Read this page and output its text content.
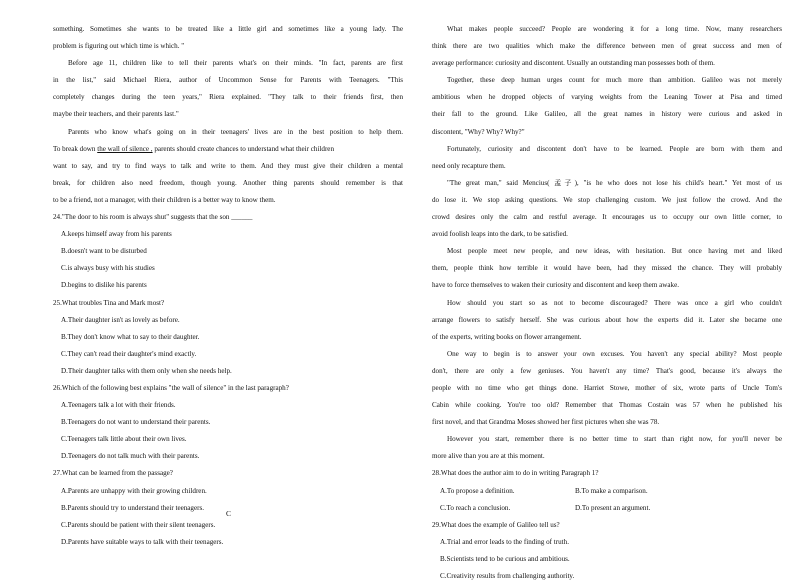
something. Sometimes she wants to be treated like a little girl and sometimes like a young lady. The
problem is figuring out which time is which. "
Before age 11, children like to tell their parents what's on their minds. "In fact, parents are first
in the list," said Michael Riera, author of Uncommon Sense for Parents with Teenagers. "This
completely changes during the teen years," Riera explained. "They talk to their friends first, then
maybe their teachers, and their parents last."
Parents who know what's going on in their teenagers' lives are in the best position to help them.
To break down the wall of silence , parents should create chances to understand what their children
want to say, and try to find ways to talk and write to them. And they must give their children a mental
break, for children also need freedom, though young. Another thing parents should remember is that
to be a friend, not a manager, with their children is a better way to know them.
24."The door to his room is always shut" suggests that the son ______
A.keeps himself away from his parents
B.doesn't want to be disturbed
C.is always busy with his studies
D.begins to dislike his parents
25.What troubles Tina and Mark most?
A.Their daughter isn't as lovely as before.
B.They don't know what to say to their daughter.
C.They can't read their daughter's mind exactly.
D.Their daughter talks with them only when she needs help.
26.Which of the following best explains "the wall of silence" in the last paragraph?
A.Teenagers talk a lot with their friends.
B.Teenagers do not want to understand their parents.
C.Teenagers talk little about their own lives.
D.Teenagers do not talk much with their parents.
27.What can be learned from the passage?
A.Parents are unhappy with their growing children.
B.Parents should try to understand their teenagers.
C.Parents should be patient with their silent teenagers.
D.Parents have suitable ways to talk with their teenagers.
What makes people succeed? People are wondering it for a long time. Now, many researchers
think there are two qualities which make the difference between men of great success and men of
average performance: curiosity and discontent. Usually an outstanding man possesses both of them.
Together, these deep human urges count for much more than ambition. Galileo was not merely
ambitious when he dropped objects of varying weights from the Leaning Tower at Pisa and timed
their fall to the ground. Like Galileo, all the great names in history were curious and asked in
discontent, "Why? Why? Why?"
Fortunately, curiosity and discontent don't have to be learned. People are born with them and
need only recapture them.
"The great man," said Mencius( 孟子), "is he who does not lose his child's heart." Yet most of us
do lose it. We stop asking questions. We stop challenging custom. We just follow the crowd. And the
crowd desires only the calm and restful average. It encourages us to occupy our own little corner, to
avoid foolish leaps into the dark, to be satisfied.
Most people meet new people, and new ideas, with hesitation. But once having met and liked
them, people think how terrible it would have been, had they missed the chance. They will probably
have to force themselves to waken their curiosity and discontent and keep them awake.
How should you start so as not to become discouraged? There was once a girl who couldn't
arrange flowers to satisfy herself. She was curious about how the experts did it. Later she became one
of the experts, writing books on flower arrangement.
One way to begin is to answer your own excuses. You haven't any special ability? Most people
don't, there are only a few geniuses. You haven't any time? That's good, because it's always the
people with no time who get things done. Harriet Stowe, mother of six, wrote parts of Uncle Tom's
Cabin while cooking. You're too old? Remember that Thomas Costain was 57 when he published his
first novel, and that Grandma Moses showed her first pictures when she was 78.
However you start, remember there is no better time to start than right now, for you'll never be
more alive than you are at this moment.
28.What does the author aim to do in writing Paragraph 1?
A.To propose a definition.	B.To make a comparison.
C.To reach a conclusion.	D.To present an argument.
29.What does the example of Galileo tell us?
A.Trial and error leads to the finding of truth.
B.Scientists tend to be curious and ambitious.
C.Creativity results from challenging authority.
C
